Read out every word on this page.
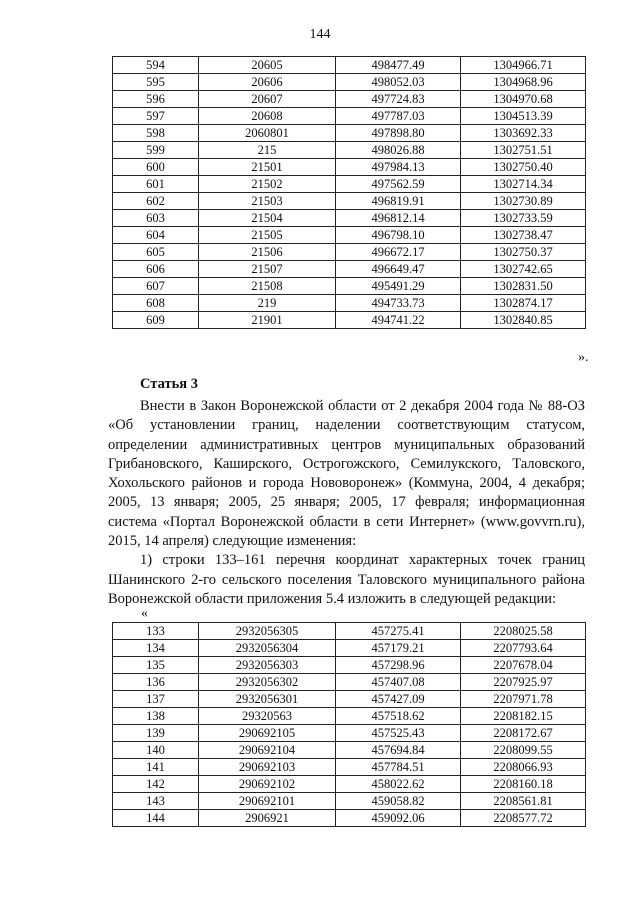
144
594	20605	498477.49	1304966.71
595	20606	498052.03	1304968.96
596	20607	497724.83	1304970.68
597	20608	497787.03	1304513.39
598	2060801	497898.80	1303692.33
599	215	498026.88	1302751.51
600	21501	497984.13	1302750.40
601	21502	497562.59	1302714.34
602	21503	496819.91	1302730.89
603	21504	496812.14	1302733.59
604	21505	496798.10	1302738.47
605	21506	496672.17	1302750.37
606	21507	496649.47	1302742.65
607	21508	495491.29	1302831.50
608	219	494733.73	1302874.17
609	21901	494741.22	1302840.85
».
Статья 3

Внести в Закон Воронежской области от 2 декабря 2004 года № 88-ОЗ «Об установлении границ, наделении соответствующим статусом, определении административных центров муниципальных образований Грибановского, Каширского, Острогожского, Семилукского, Таловского, Хохольского районов и города Нововоронеж» (Коммуна, 2004, 4 декабря; 2005, 13 января; 2005, 25 января; 2005, 17 февраля; информационная система «Портал Воронежской области в сети Интернет» (www.govvrn.ru), 2015, 14 апреля) следующие изменения:

1) строки 133–161 перечня координат характерных точек границ Шанинского 2-го сельского поселения Таловского муниципального района Воронежской области приложения 5.4 изложить в следующей редакции:

«
133	2932056305	457275.41	2208025.58
134	2932056304	457179.21	2207793.64
135	2932056303	457298.96	2207678.04
136	2932056302	457407.08	2207925.97
137	2932056301	457427.09	2207971.78
138	29320563	457518.62	2208182.15
139	290692105	457525.43	2208172.67
140	290692104	457694.84	2208099.55
141	290692103	457784.51	2208066.93
142	290692102	458022.62	2208160.18
143	290692101	459058.82	2208561.81
144	2906921	459092.06	2208577.72
